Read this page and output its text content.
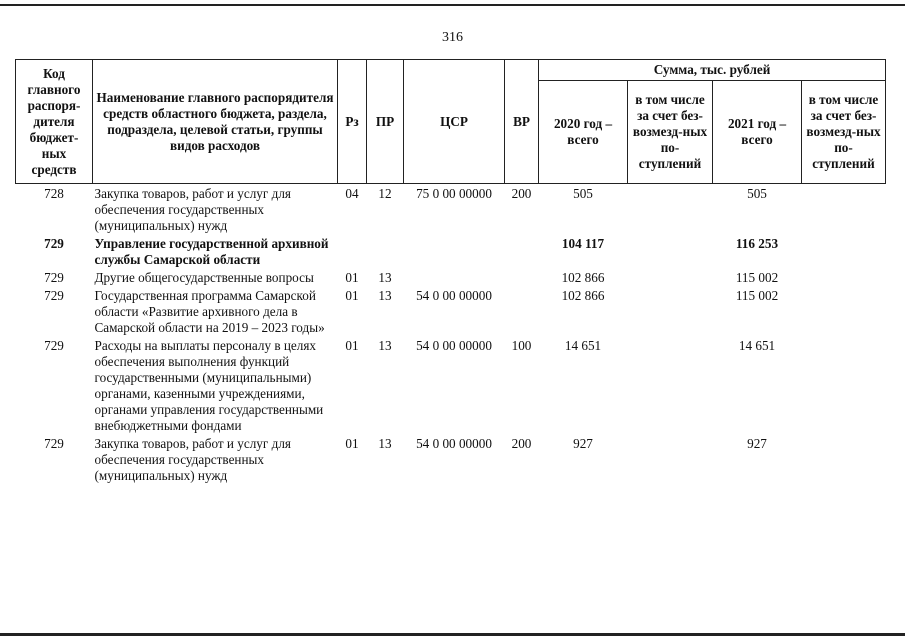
316
Код главного распоря-дителя бюджет-ных средств	Наименование главного распорядителя средств областного бюджета, раздела, подраздела, целевой статьи, группы видов расходов	Рз	ПР	ЦСР	ВР	Сумма, тыс. рублей			
						2020 год – всего	в том числе за счет без-возмезд-ных по-ступлений	2021 год – всего	в том числе за счет без-возмезд-ных по-ступлений
728	Закупка товаров, работ и услуг для обеспечения государственных (муниципальных) нужд	04	12	75 0 00 00000	200	505		505	
729	Управление государственной архивной службы Самарской области					104 117		116 253	
729	Другие общегосударственные вопросы	01	13			102 866		115 002	
729	Государственная программа Самарской области «Развитие архивного дела в Самарской области на 2019 – 2023 годы»	01	13	54 0 00 00000		102 866		115 002	
729	Расходы на выплаты персоналу в целях обеспечения выполнения функций государственными (муниципальными) органами, казенными учреждениями, органами управления государственными внебюджетными фондами	01	13	54 0 00 00000	100	14 651		14 651	
729	Закупка товаров, работ и услуг для обеспечения государственных (муниципальных) нужд	01	13	54 0 00 00000	200	927		927	
